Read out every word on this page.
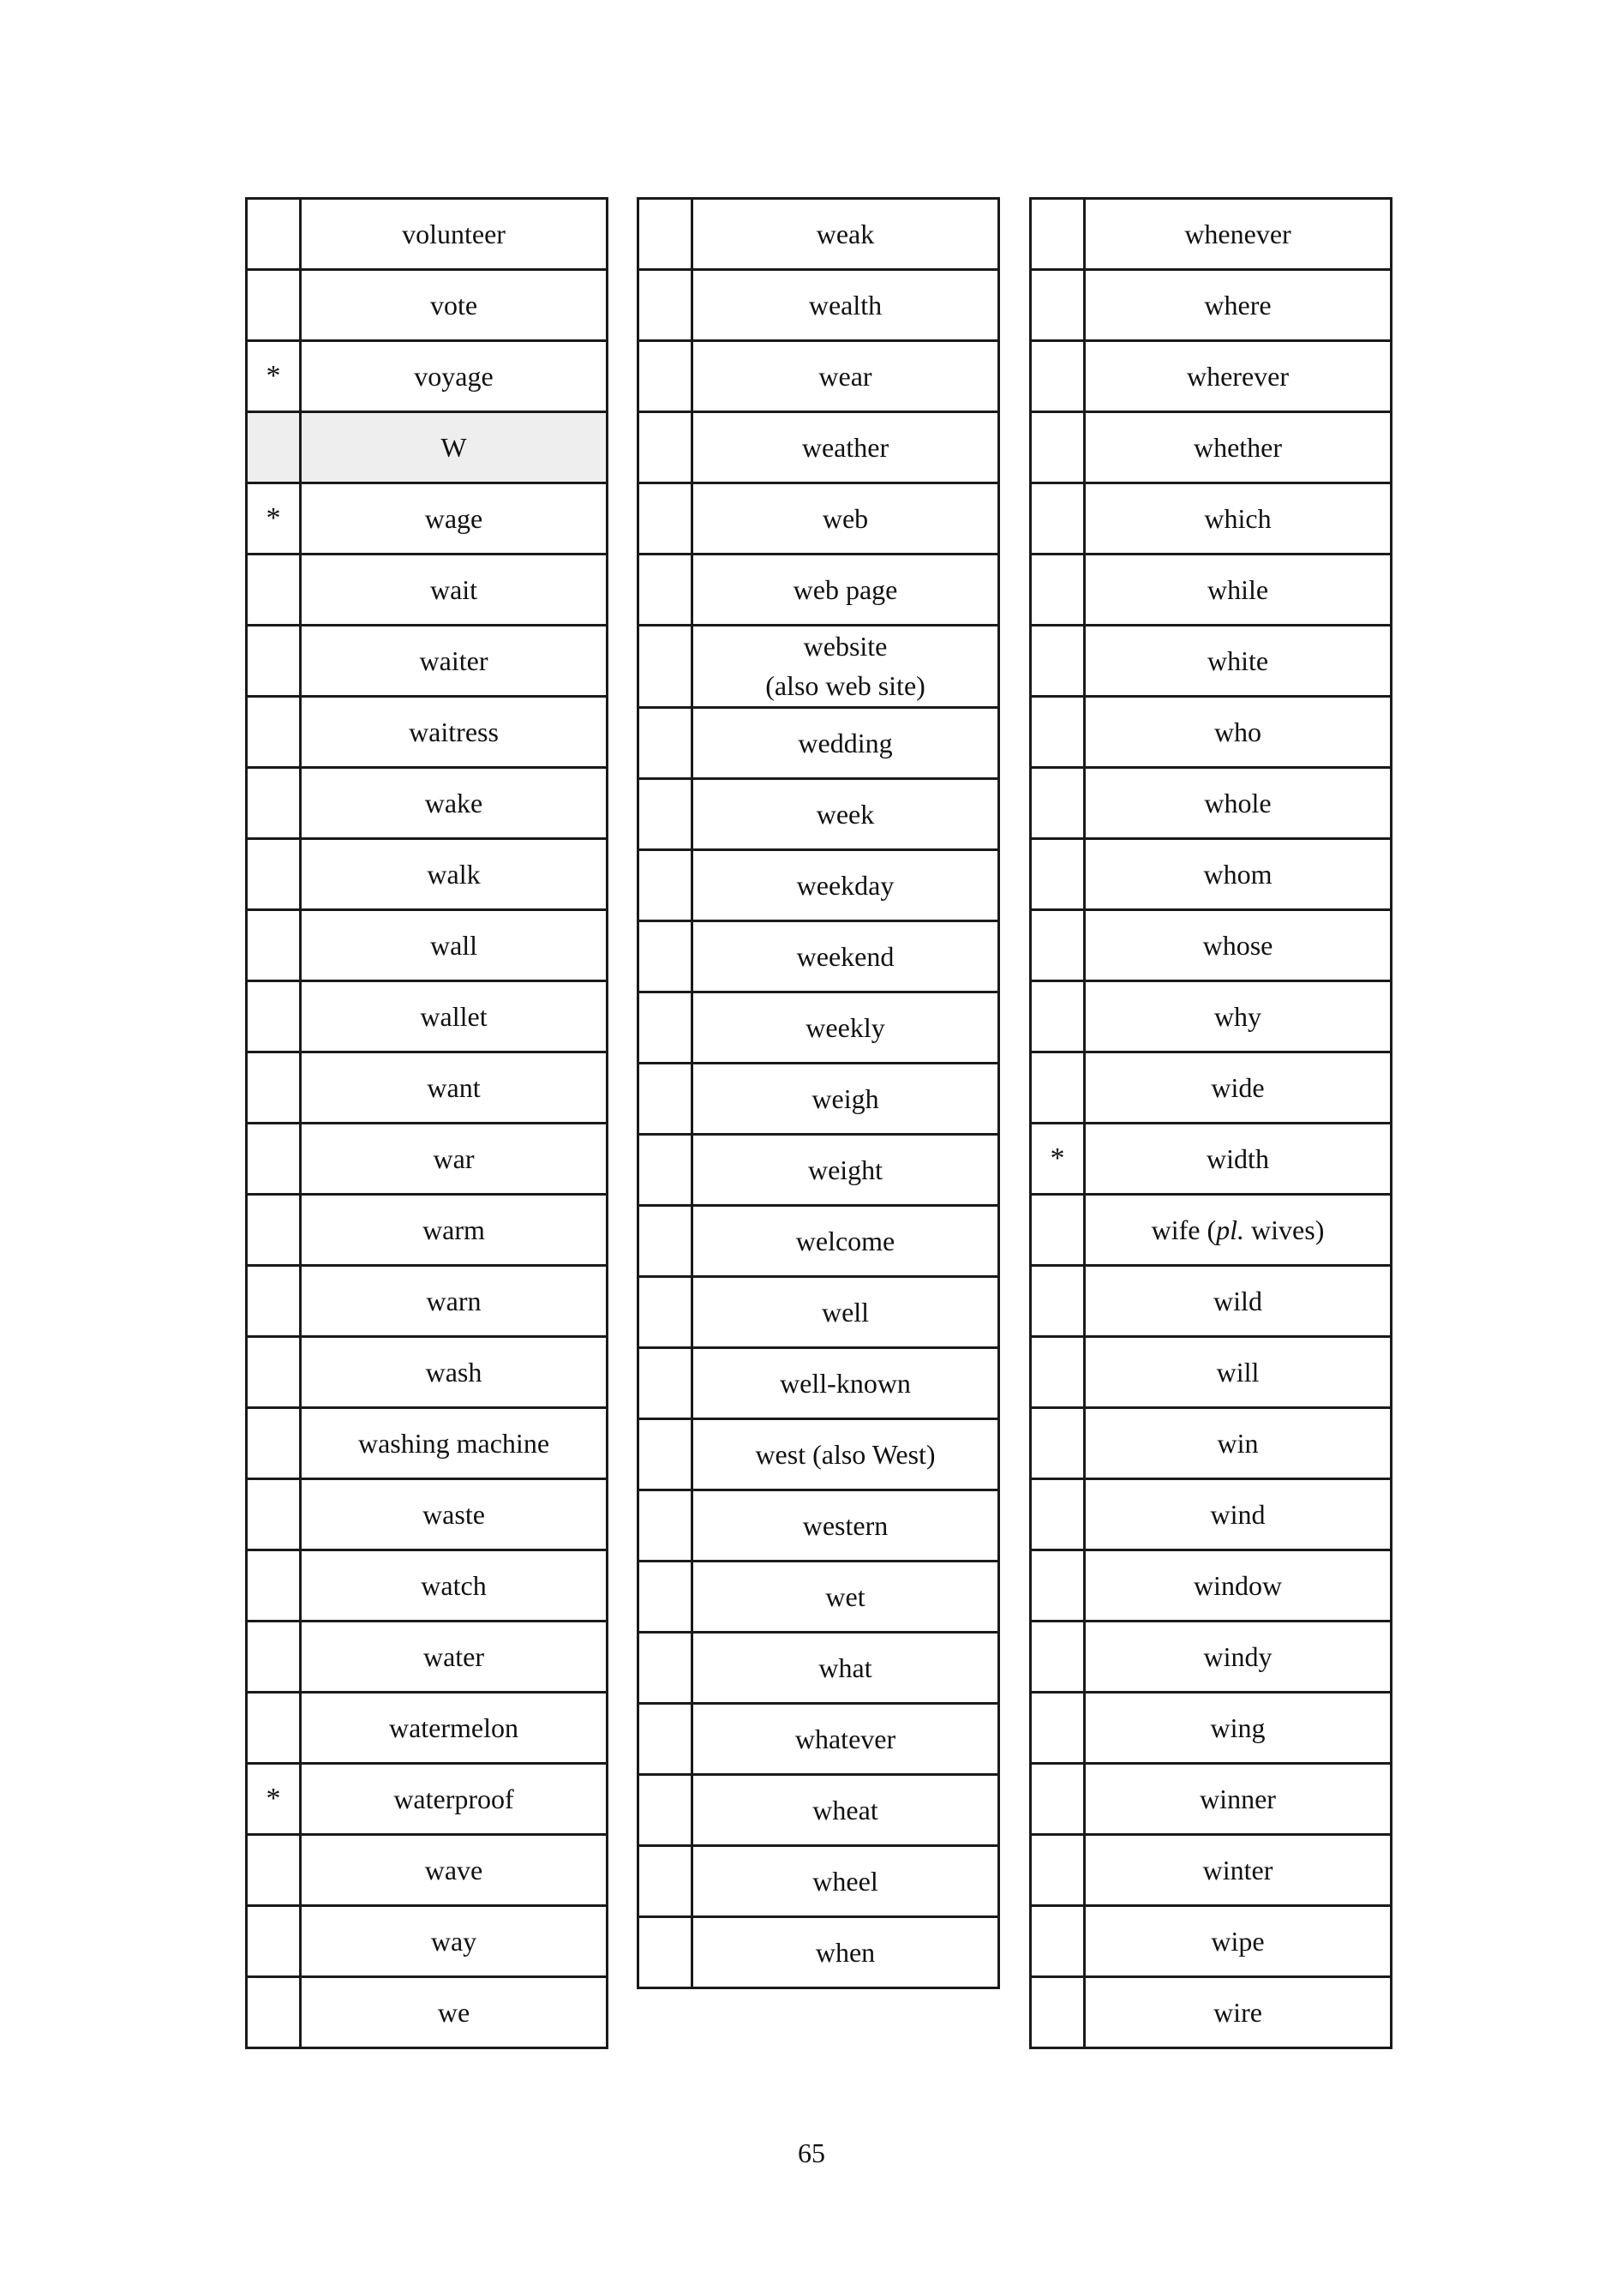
	volunteer
	vote
*	voyage
	W
*	wage
	wait
	waiter
	waitress
	wake
	walk
	wall
	wallet
	want
	war
	warm
	warn
	wash
	washing machine
	waste
	watch
	water
	watermelon
*	waterproof
	wave
	way
	we
	weak
	wealth
	wear
	weather
	web
	web page

	website
(also web site)

	wedding
	week
	weekday
	weekend
	weekly
	weigh
	weight
	welcome
	well
	well-known
	west (also West)
	western
	wet
	what
	whatever
	wheat
	wheel
	when
	whenever
	where
	wherever
	whether
	which
	while
	white
	who
	whole
	whom
	whose
	why
	wide
*	width
	wife (pl. wives)
	wild
	will
	win
	wind
	window
	windy
	wing
	winner
	winter
	wipe
	wire
65
